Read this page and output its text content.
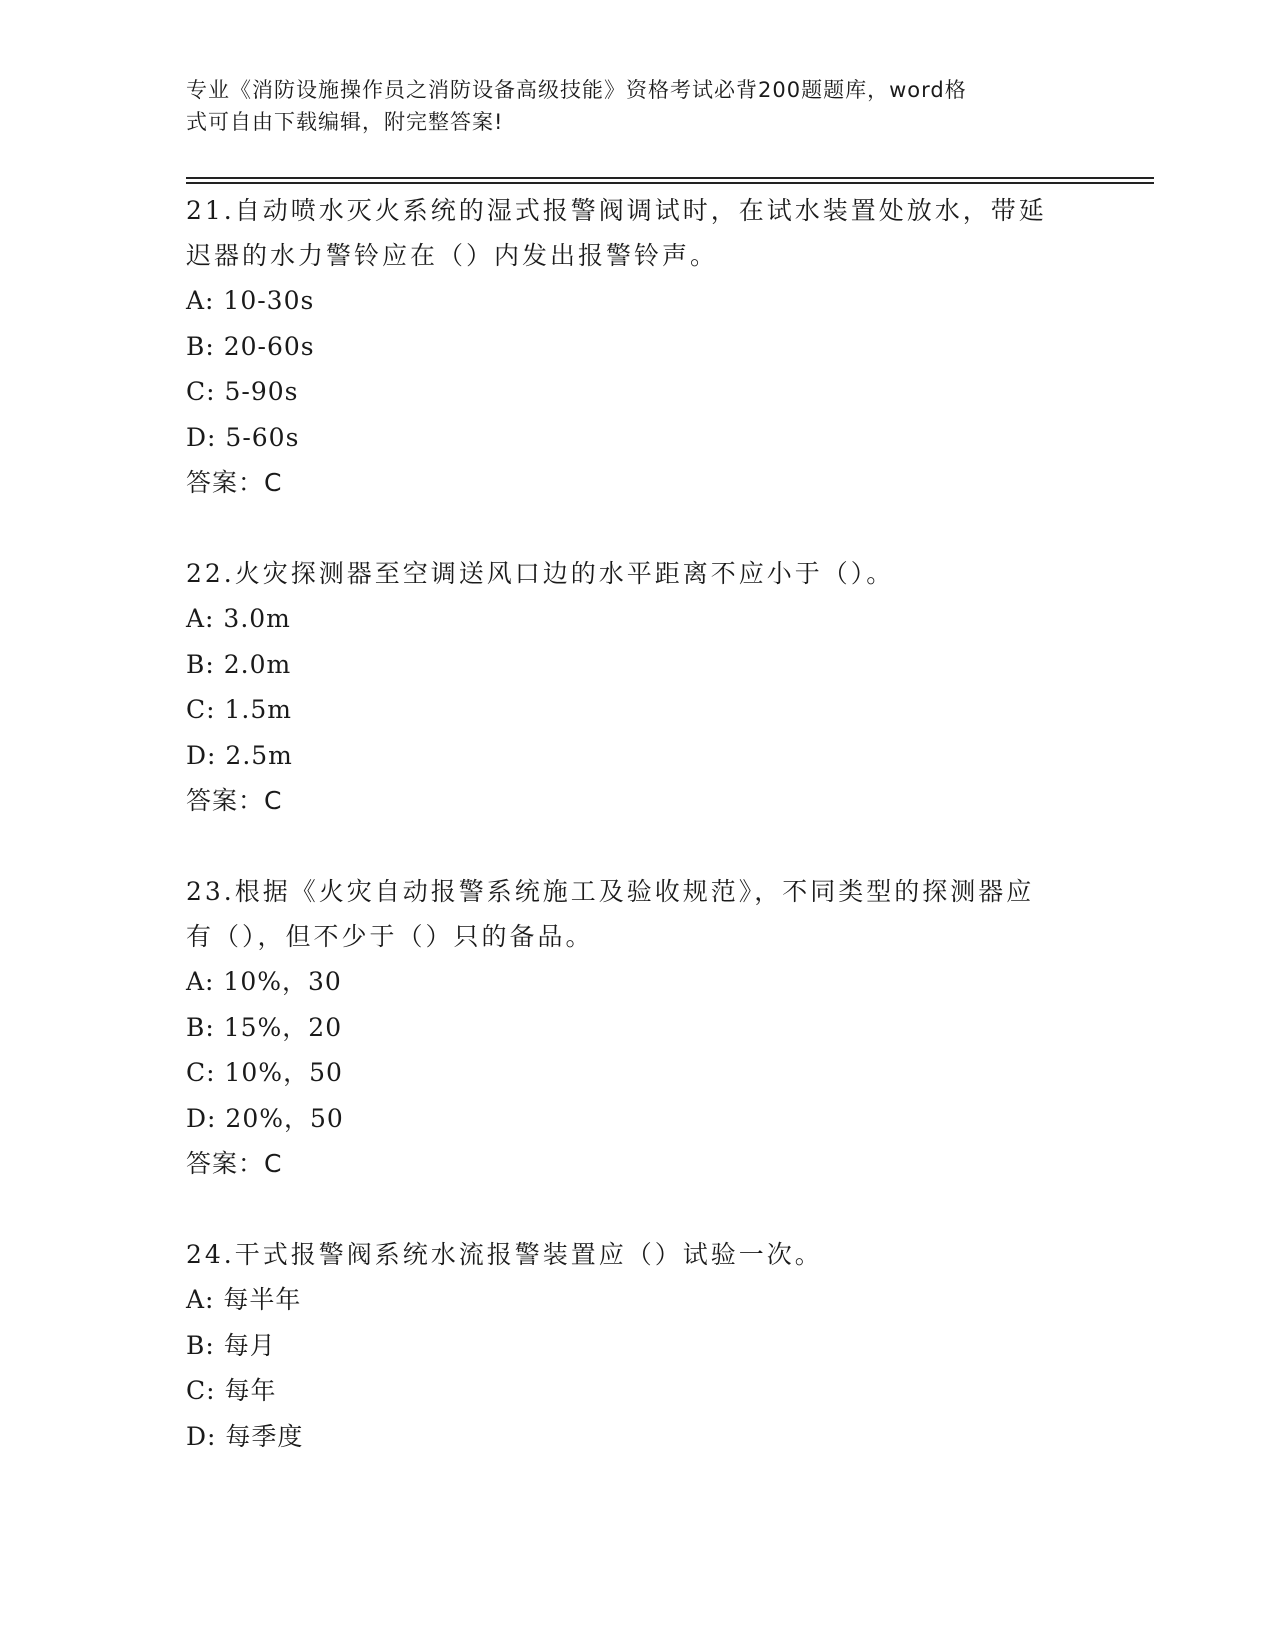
专业《消防设施操作员之消防设备高级技能》资格考试必背200题题库，word格
式可自由下载编辑，附完整答案!

21.自动喷水灭火系统的湿式报警阀调试时，在试水装置处放水，带延
迟器的水力警铃应在（）内发出报警铃声。

A: 10-30s

B: 20-60s

C: 5-90s

D: 5-60s

答案：C

22.火灾探测器至空调送风口边的水平距离不应小于（）。

A: 3.0m

B: 2.0m

C: 1.5m

D: 2.5m

答案：C

23.根据《火灾自动报警系统施工及验收规范》，不同类型的探测器应
有（），但不少于（）只的备品。

A: 10%，30

B: 15%，20

C: 10%，50

D: 20%，50

答案：C

24.干式报警阀系统水流报警装置应（）试验一次。

A: 每半年

B: 每月

C: 每年

D: 每季度
